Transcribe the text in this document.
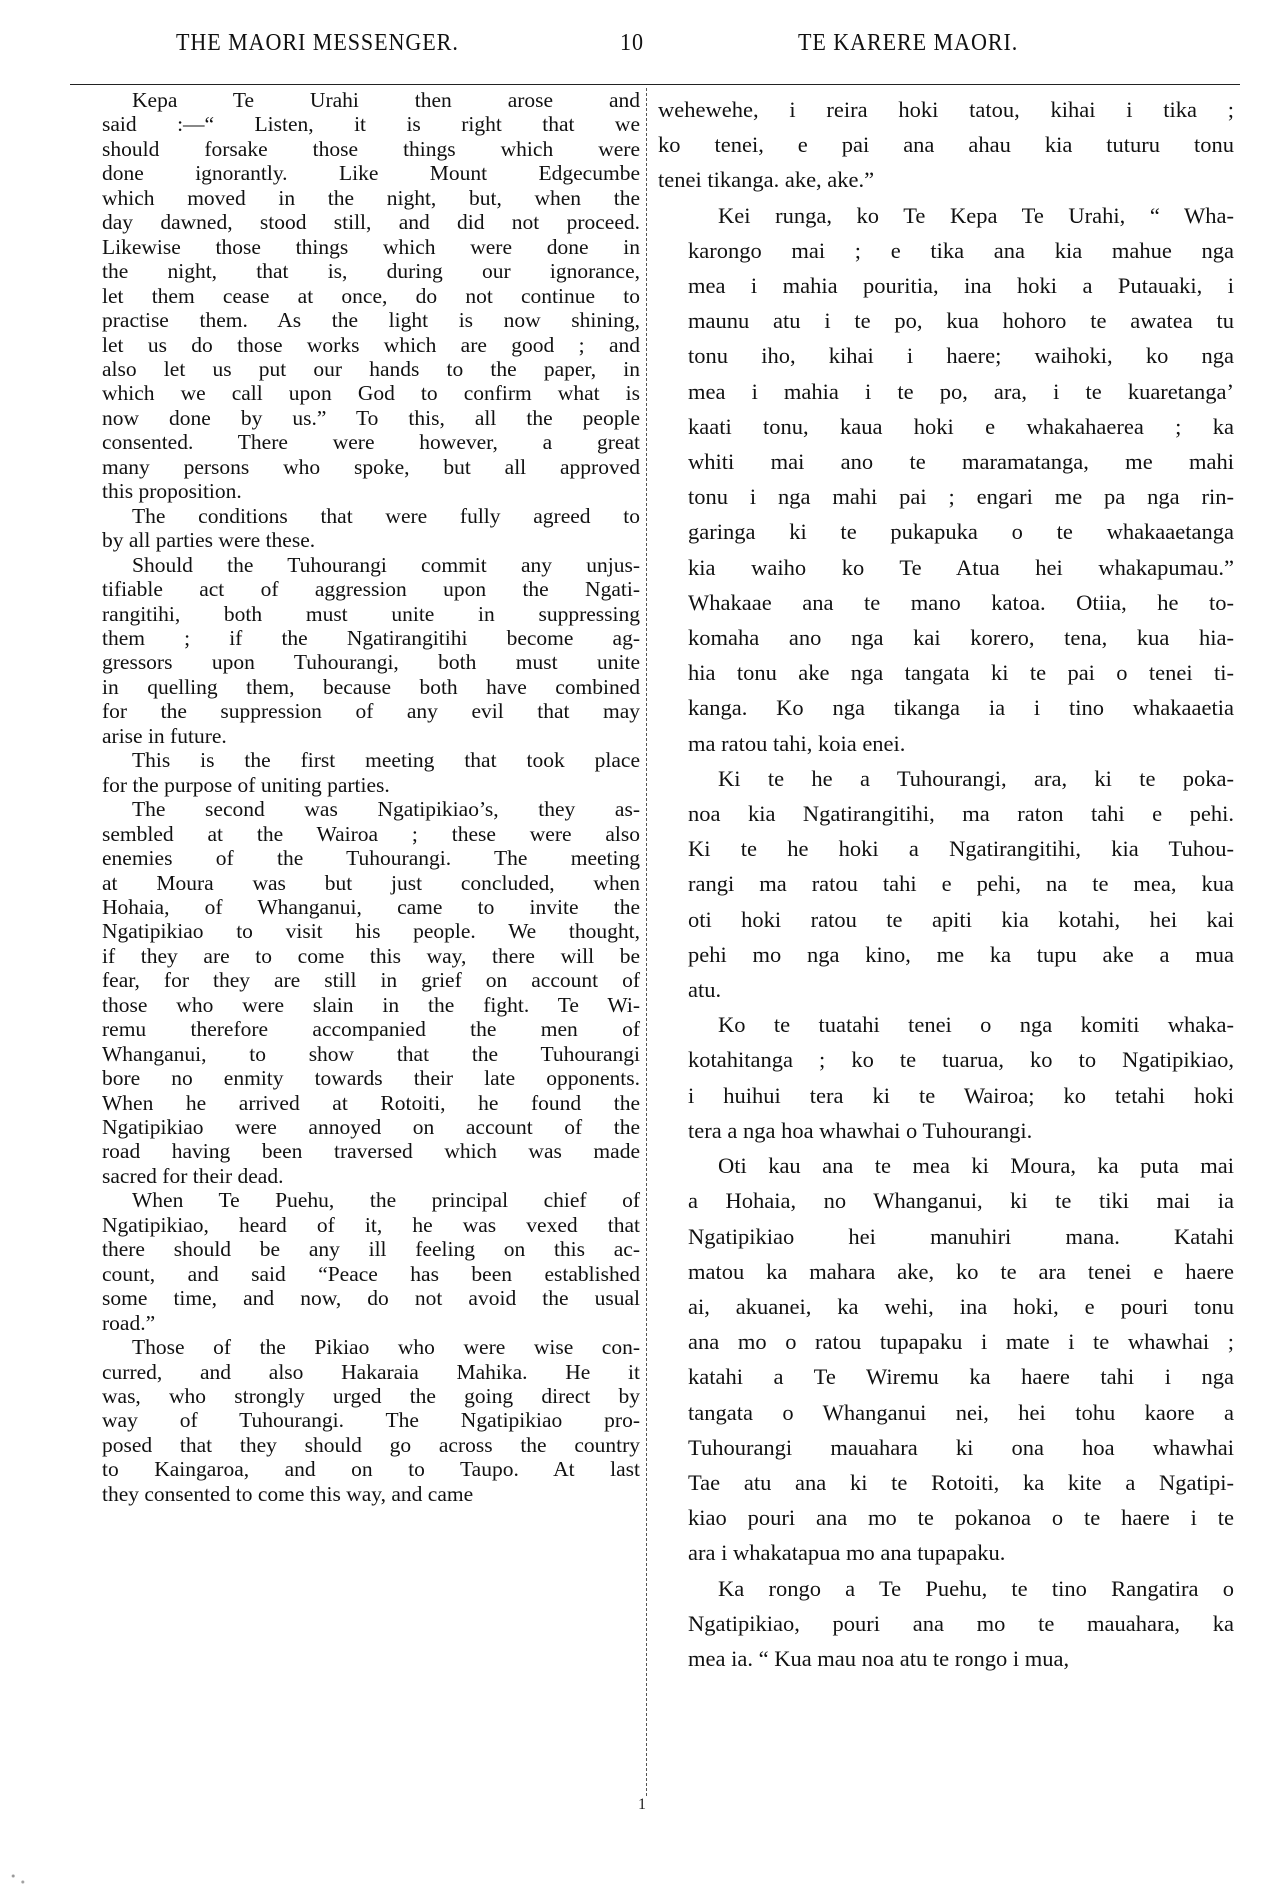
THE MAORI MESSENGER.	10	TE KARERE MAORI.

Kepa Te Urahi then arose and
said :—“ Listen, it is right that we
should forsake those things which were
done ignorantly. Like Mount Edgecumbe
which moved in the night, but, when the
day dawned, stood still, and did not proceed.
Likewise those things which were done in
the night, that is, during our ignorance,
let them cease at once, do not continue to
practise them. As the light is now shining,
let us do those works which are good ; and
also let us put our hands to the paper, in
which we call upon God to confirm what is
now done by us.” To this, all the people
consented. There were however, a great
many persons who spoke, but all approved
this proposition.

The conditions that were fully agreed to
by all parties were these.

Should the Tuhourangi commit any unjus-
tifiable act of aggression upon the Ngati-
rangitihi, both must unite in suppressing
them ; if the Ngatirangitihi become ag-
gressors upon Tuhourangi, both must unite
in quelling them, because both have combined
for the suppression of any evil that may
arise in future.

This is the first meeting that took place
for the purpose of uniting parties.

The second was Ngatipikiao’s, they as-
sembled at the Wairoa ; these were also
enemies of the Tuhourangi. The meeting
at Moura was but just concluded, when
Hohaia, of Whanganui, came to invite the
Ngatipikiao to visit his people. We thought,
if they are to come this way, there will be
fear, for they are still in grief on account of
those who were slain in the fight. Te Wi-
remu therefore accompanied the men of
Whanganui, to show that the Tuhourangi
bore no enmity towards their late opponents.
When he arrived at Rotoiti, he found the
Ngatipikiao were annoyed on account of the
road having been traversed which was made
sacred for their dead.

When Te Puehu, the principal chief of
Ngatipikiao, heard of it, he was vexed that
there should be any ill feeling on this ac-
count, and said “Peace has been established
some time, and now, do not avoid the usual
road.”

Those of the Pikiao who were wise con-
curred, and also Hakaraia Mahika. He it
was, who strongly urged the going direct by
way of Tuhourangi. The Ngatipikiao pro-
posed that they should go across the country
to Kaingaroa, and on to Taupo. At last
they consented to come this way, and came

wehewehe, i reira hoki tatou, kihai i tika ;
ko tenei, e pai ana ahau kia tuturu tonu
tenei tikanga. ake, ake.”

Kei runga, ko Te Kepa Te Urahi, “ Wha-
karongo mai ; e tika ana kia mahue nga
mea i mahia pouritia, ina hoki a Putauaki, i
maunu atu i te po, kua hohoro te awatea tu
tonu iho, kihai i haere; waihoki, ko nga
mea i mahia i te po, ara, i te kuaretanga’
kaati tonu, kaua hoki e whakahaerea ; ka
whiti mai ano te maramatanga, me mahi
tonu i nga mahi pai ; engari me pa nga rin-
garinga ki te pukapuka o te whakaaetanga
kia waiho ko Te Atua hei whakapumau.”
Whakaae ana te mano katoa. Otiia, he to-
komaha ano nga kai korero, tena, kua hia-
hia tonu ake nga tangata ki te pai o tenei ti-
kanga. Ko nga tikanga ia i tino whakaaetia
ma ratou tahi, koia enei.

Ki te he a Tuhourangi, ara, ki te poka-
noa kia Ngatirangitihi, ma raton tahi e pehi.
Ki te he hoki a Ngatirangitihi, kia Tuhou-
rangi ma ratou tahi e pehi, na te mea, kua
oti hoki ratou te apiti kia kotahi, hei kai
pehi mo nga kino, me ka tupu ake a mua
atu.

Ko te tuatahi tenei o nga komiti whaka-
kotahitanga ; ko te tuarua, ko to Ngatipikiao,
i huihui tera ki te Wairoa; ko tetahi hoki
tera a nga hoa whawhai o Tuhourangi.

Oti kau ana te mea ki Moura, ka puta mai
a Hohaia, no Whanganui, ki te tiki mai ia
Ngatipikiao hei manuhiri mana. Katahi
matou ka mahara ake, ko te ara tenei e haere
ai, akuanei, ka wehi, ina hoki, e pouri tonu
ana mo o ratou tupapaku i mate i te whawhai ;
katahi a Te Wiremu ka haere tahi i nga
tangata o Whanganui nei, hei tohu kaore a
Tuhourangi mauahara ki ona hoa whawhai
Tae atu ana ki te Rotoiti, ka kite a Ngatipi-
kiao pouri ana mo te pokanoa o te haere i te
ara i whakatapua mo ana tupapaku.

Ka rongo a Te Puehu, te tino Rangatira o
Ngatipikiao, pouri ana mo te mauahara, ka
mea ia. “ Kua mau noa atu te rongo i mua,

1
